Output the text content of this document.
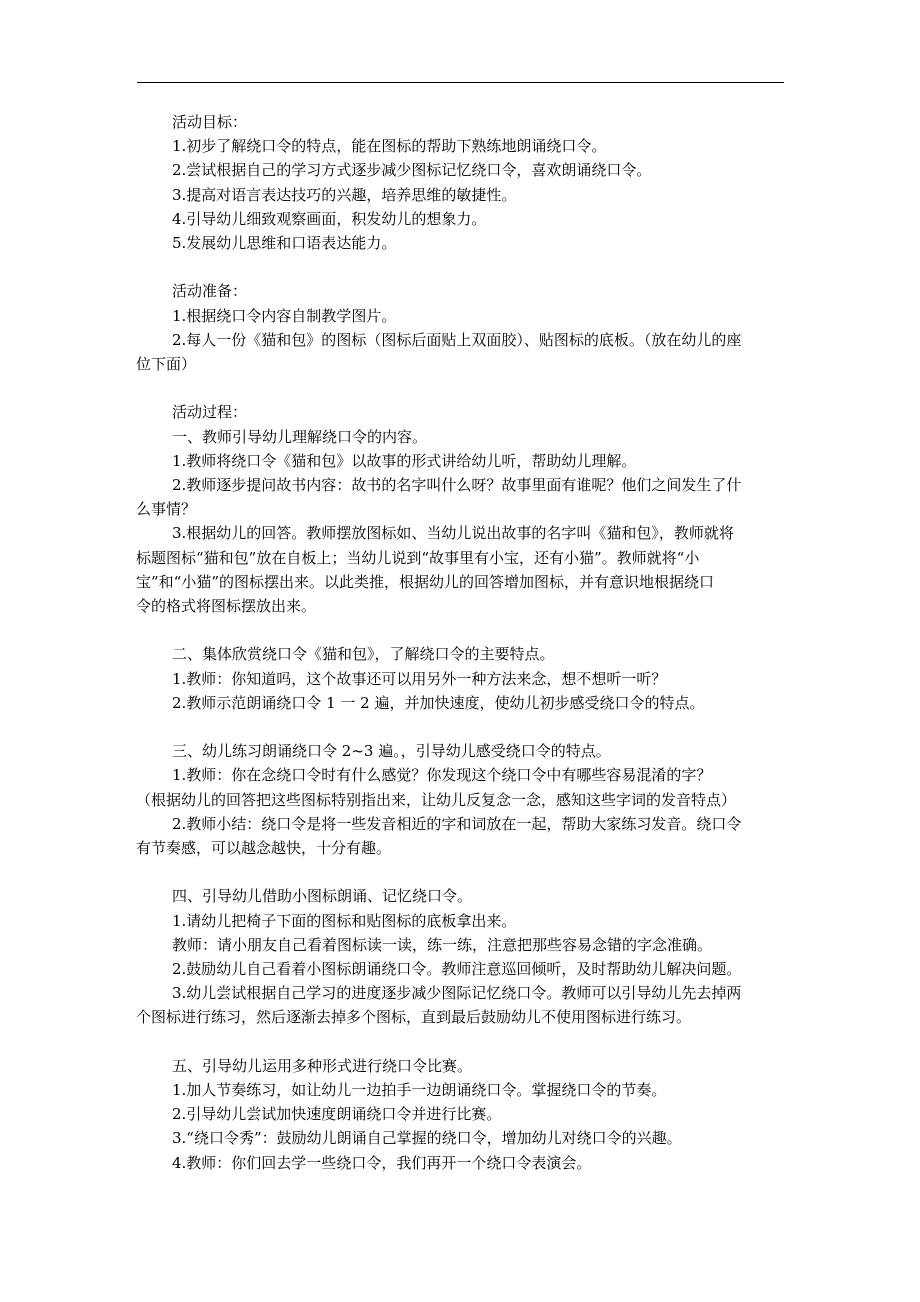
活动目标：
1.初步了解绕口令的特点，能在图标的帮助下熟练地朗诵绕口令。
2.尝试根据自己的学习方式逐步减少图标记忆绕口令，喜欢朗诵绕口令。
3.提高对语言表达技巧的兴趣，培养思维的敏捷性。
4.引导幼儿细致观察画面，积发幼儿的想象力。
5.发展幼儿思维和口语表达能力。
活动准备：
1.根据绕口令内容自制教学图片。
2.每人一份《猫和包》的图标（图标后面贴上双面胶）、贴图标的底板。（放在幼儿的座
位下面）
活动过程：
一、教师引导幼儿理解绕口令的内容。
1.教师将绕口令《猫和包》以故事的形式讲给幼儿听，帮助幼儿理解。
2.教师逐步提问故书内容：故书的名字叫什么呀？故事里面有谁呢？他们之间发生了什
么事情？
3.根据幼儿的回答。教师摆放图标如、当幼儿说出故事的名字叫《猫和包》，教师就将
标题图标“猫和包”放在自板上；当幼儿说到“故事里有小宝，还有小猫”。教师就将“小
宝”和“小猫”的图标摆出来。以此类推，根据幼儿的回答增加图标，并有意识地根据绕口
令的格式将图标摆放出来。
二、集体欣赏绕口令《猫和包》，了解绕口令的主要特点。
1.教师：你知道吗，这个故事还可以用另外一种方法来念，想不想听一听？
2.教师示范朗诵绕口令 1 一 2 遍，并加快速度，使幼儿初步感受绕口令的特点。
三、幼儿练习朗诵绕口令 2~3 遍。，引导幼儿感受绕口令的特点。
1.教师：你在念绕口令时有什么感觉？你发现这个绕口令中有哪些容易混淆的字？
（根据幼儿的回答把这些图标特别指出来，让幼儿反复念一念，感知这些字词的发音特点）
2.教师小结：绕口令是将一些发音相近的字和词放在一起，帮助大家练习发音。绕口令
有节奏感，可以越念越快，十分有趣。
四、引导幼儿借助小图标朗诵、记忆绕口令。
1.请幼儿把椅子下面的图标和贴图标的底板拿出来。
教师：请小朋友自己看着图标读一读，练一练，注意把那些容易念错的字念准确。
2.鼓励幼儿自己看着小图标朗诵绕口令。教师注意巡回倾听，及时帮助幼儿解决问题。
3.幼儿尝试根据自己学习的进度逐步减少图际记忆绕口令。教师可以引导幼儿先去掉两
个图标进行练习，然后逐渐去掉多个图标，直到最后鼓励幼儿不使用图标进行练习。
五、引导幼儿运用多种形式进行绕口令比赛。
1.加人节奏练习，如让幼儿一边拍手一边朗诵绕口令。掌握绕口令的节奏。
2.引导幼儿尝试加快速度朗诵绕口令并进行比赛。
3.“绕口令秀”：鼓励幼儿朗诵自己掌握的绕口令，增加幼儿对绕口令的兴趣。
4.教师：你们回去学一些绕口令，我们再开一个绕口令表演会。
